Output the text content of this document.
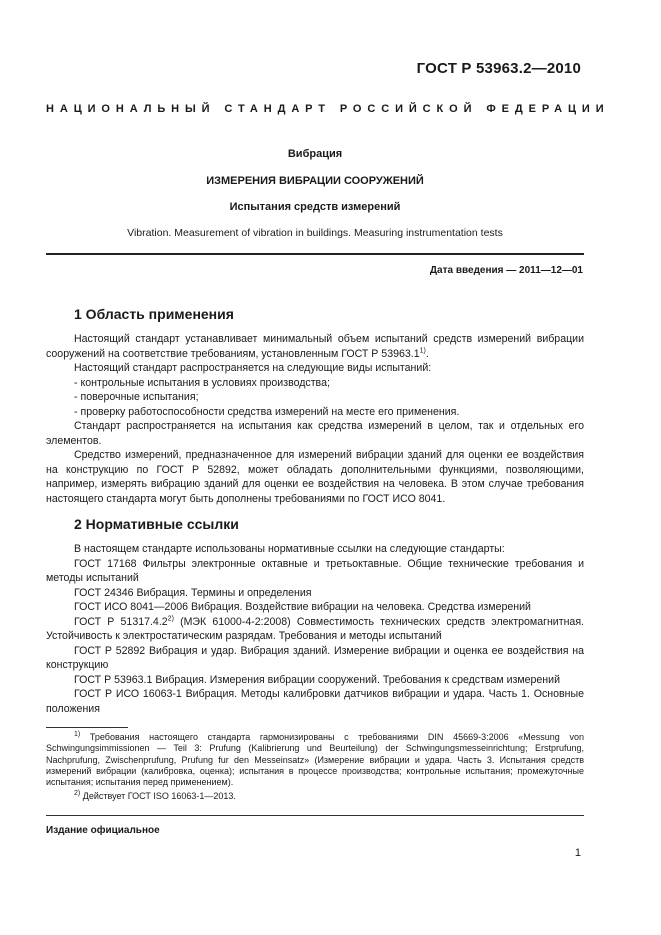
ГОСТ Р 53963.2—2010
НАЦИОНАЛЬНЫЙ СТАНДАРТ РОССИЙСКОЙ ФЕДЕРАЦИИ
Вибрация
ИЗМЕРЕНИЯ ВИБРАЦИИ СООРУЖЕНИЙ
Испытания средств измерений
Vibration. Measurement of vibration in buildings. Measuring instrumentation tests
Дата введения — 2011—12—01
1 Область применения

Настоящий стандарт устанавливает минимальный объем испытаний средств измерений вибрации сооружений на соответствие требованиям, установленным ГОСТ Р 53963.1$^{1)}$.

Настоящий стандарт распространяется на следующие виды испытаний:

- контрольные испытания в условиях производства;

- поверочные испытания;

- проверку работоспособности средства измерений на месте его применения.

Стандарт распространяется на испытания как средства измерений в целом, так и отдельных его элементов.

Средство измерений, предназначенное для измерений вибрации зданий для оценки ее воздействия на конструкцию по ГОСТ Р 52892, может обладать дополнительными функциями, позволяющими, например, измерять вибрацию зданий для оценки ее воздействия на человека. В этом случае требования настоящего стандарта могут быть дополнены требованиями по ГОСТ ИСО 8041.

2 Нормативные ссылки

В настоящем стандарте использованы нормативные ссылки на следующие стандарты:

ГОСТ 17168 Фильтры электронные октавные и третьоктавные. Общие технические требования и методы испытаний

ГОСТ 24346 Вибрация. Термины и определения

ГОСТ ИСО 8041—2006 Вибрация. Воздействие вибрации на человека. Средства измерений

ГОСТ Р 51317.4.2$^{2)}$ (МЭК 61000-4-2:2008) Совместимость технических средств электромагнитная. Устойчивость к электростатическим разрядам. Требования и методы испытаний

ГОСТ Р 52892 Вибрация и удар. Вибрация зданий. Измерение вибрации и оценка ее воздействия на конструкцию

ГОСТ Р 53963.1 Вибрация. Измерения вибрации сооружений. Требования к средствам измерений

ГОСТ Р ИСО 16063-1 Вибрация. Методы калибровки датчиков вибрации и удара. Часть 1. Основные положения

$^{1)}$ Требования настоящего стандарта гармонизированы с требованиями DIN 45669-3:2006 «Messung von Schwingungsimmissionen — Teil 3: Prufung (Kalibrierung und Beurteilung) der Schwingungsmesseinrichtung; Erstprufung, Nachprufung, Zwischenprufung, Prufung fur den Messeinsatz» (Измерение вибрации и удара. Часть 3. Испытания средств измерений вибрации (калибровка, оценка); испытания в процессе производства; контрольные испытания; промежуточные испытания; испытания перед применением).

$^{2)}$ Действует ГОСТ ISO 16063-1—2013.

Издание официальное
1
